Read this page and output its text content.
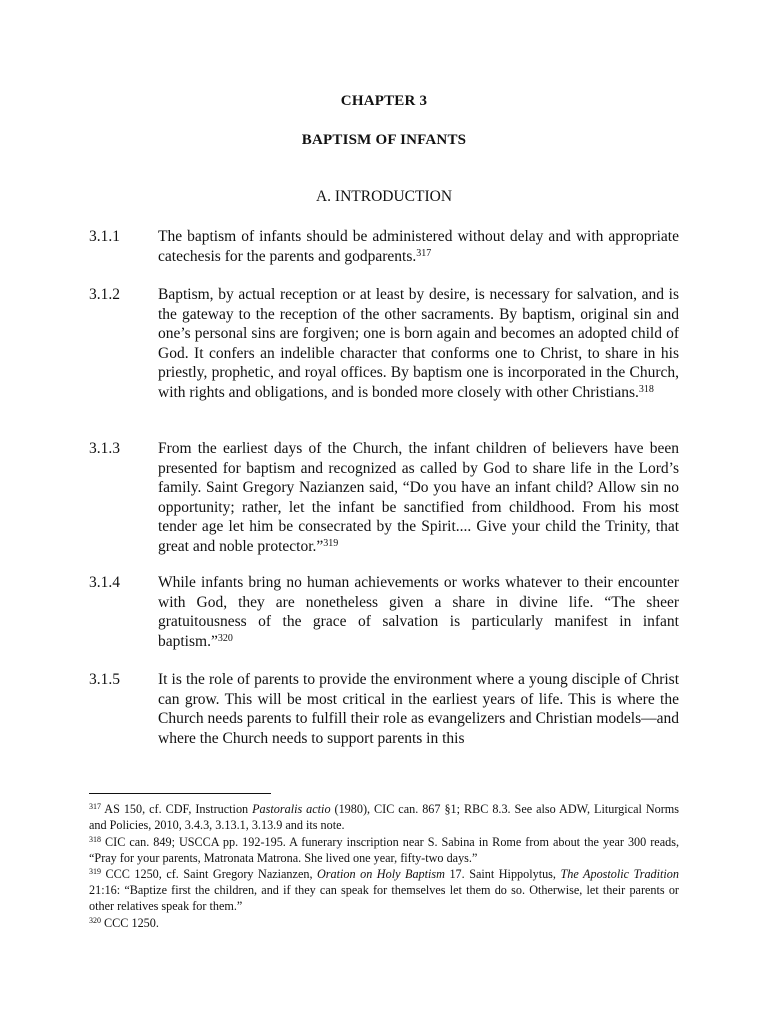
CHAPTER 3
BAPTISM OF INFANTS
A. INTRODUCTION
3.1.1	The baptism of infants should be administered without delay and with appropriate catechesis for the parents and godparents.$^{317}$
3.1.2	Baptism, by actual reception or at least by desire, is necessary for salvation, and is the gateway to the reception of the other sacraments. By baptism, original sin and one’s personal sins are forgiven; one is born again and becomes an adopted child of God. It confers an indelible character that conforms one to Christ, to share in his priestly, prophetic, and royal offices. By baptism one is incorporated in the Church, with rights and obligations, and is bonded more closely with other Christians.$^{318}$
3.1.3	From the earliest days of the Church, the infant children of believers have been presented for baptism and recognized as called by God to share life in the Lord’s family. Saint Gregory Nazianzen said, “Do you have an infant child? Allow sin no opportunity; rather, let the infant be sanctified from childhood. From his most tender age let him be consecrated by the Spirit.... Give your child the Trinity, that great and noble protector.”$^{319}$
3.1.4	While infants bring no human achievements or works whatever to their encounter with God, they are nonetheless given a share in divine life. “The sheer gratuitousness of the grace of salvation is particularly manifest in infant baptism.”$^{320}$
3.1.5	It is the role of parents to provide the environment where a young disciple of Christ can grow. This will be most critical in the earliest years of life. This is where the Church needs parents to fulfill their role as evangelizers and Christian models—and where the Church needs to support parents in this
$^{317}$ AS 150, cf. CDF, Instruction Pastoralis actio (1980), CIC can. 867 §1; RBC 8.3. See also ADW, Liturgical Norms and Policies, 2010, 3.4.3, 3.13.1, 3.13.9 and its note.
$^{318}$ CIC can. 849; USCCA pp. 192-195. A funerary inscription near S. Sabina in Rome from about the year 300 reads, “Pray for your parents, Matronata Matrona. She lived one year, fifty-two days.”
$^{319}$ CCC 1250, cf. Saint Gregory Nazianzen, Oration on Holy Baptism 17. Saint Hippolytus, The Apostolic Tradition 21:16: “Baptize first the children, and if they can speak for themselves let them do so. Otherwise, let their parents or other relatives speak for them.”
$^{320}$ CCC 1250.
